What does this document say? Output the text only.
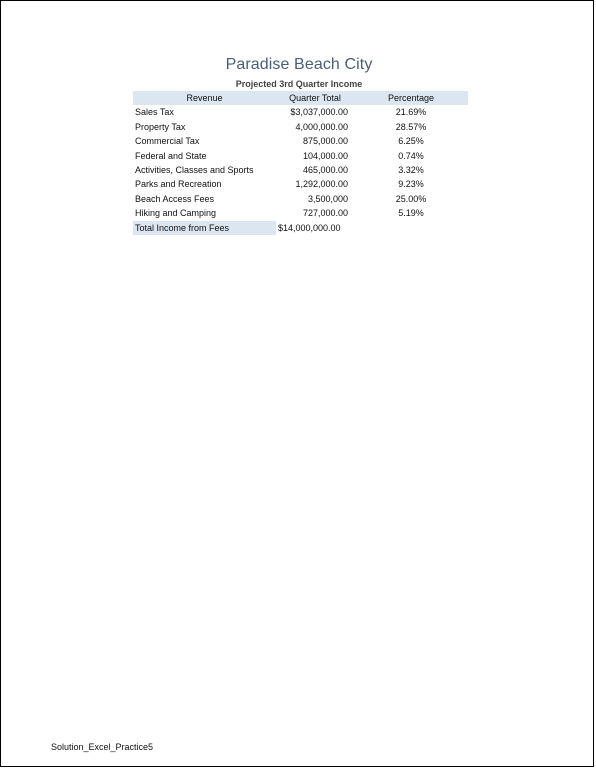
Paradise Beach City
Projected 3rd Quarter Income
Revenue	Quarter Total	Percentage
Sales Tax	$3,037,000.00	21.69%
Property Tax	4,000,000.00	28.57%
Commercial Tax	875,000.00	6.25%
Federal and State	104,000.00	0.74%
Activities, Classes and Sports	465,000.00	3.32%
Parks and Recreation	1,292,000.00	9.23%
Beach Access Fees	3,500,000	25.00%
Hiking and Camping	727,000.00	5.19%
Total Income from Fees	$14,000,000.00	
Solution_Excel_Practice5
